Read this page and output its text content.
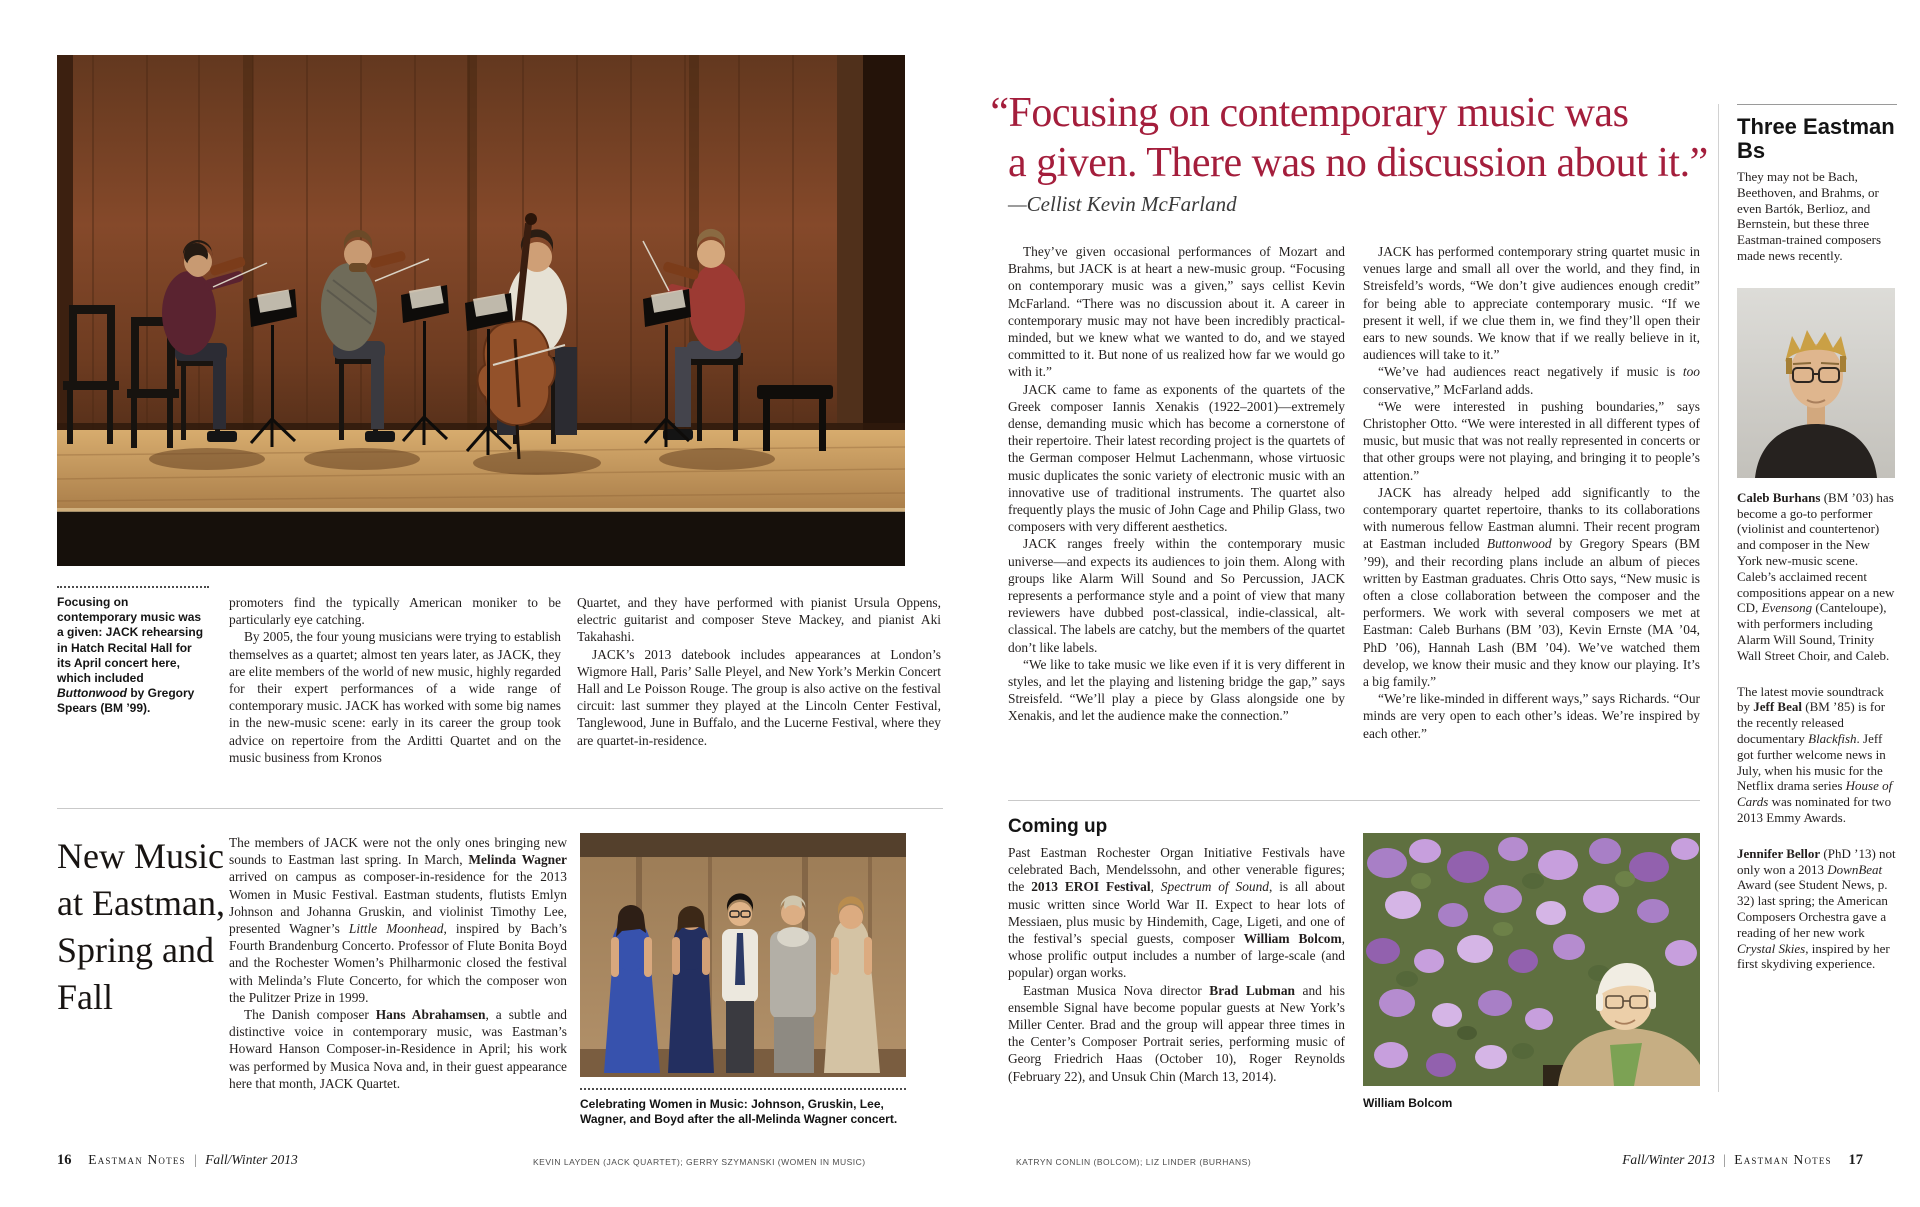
Focusing on contemporary music was a given: JACK rehearsing in Hatch Recital Hall for its April concert here, which included Buttonwood by Gregory Spears (BM ’99).

promoters find the typically American moniker to be particularly eye catching.

By 2005, the four young musicians were trying to establish themselves as a quartet; almost ten years later, as JACK, they are elite members of the world of new music, highly regarded for their expert performances of a wide range of contemporary music. JACK has worked with some big names in the new-music scene: early in its career the group took advice on repertoire from the Arditti Quartet and on the music business from Kronos

Quartet, and they have performed with pianist Ursula Oppens, electric guitarist and composer Steve Mackey, and pianist Aki Takahashi.

JACK’s 2013 datebook includes appearances at London’s Wigmore Hall, Paris’ Salle Pleyel, and New York’s Merkin Concert Hall and Le Poisson Rouge. The group is also active on the festival circuit: last summer they played at the Lincoln Center Festival, Tanglewood, June in Buffalo, and the Lucerne Festival, where they are quartet-in-residence.

New Music at Eastman, Spring and Fall

The members of JACK were not the only ones bringing new sounds to Eastman last spring. In March, Melinda Wagner arrived on campus as composer-in-residence for the 2013 Women in Music Festival. Eastman students, flutists Emlyn Johnson and Johanna Gruskin, and violinist Timothy Lee, presented Wagner’s Little Moonhead, inspired by Bach’s Fourth Brandenburg Concerto. Professor of Flute Bonita Boyd and the Rochester Women’s Philharmonic closed the festival with Melinda’s Flute Concerto, for which the composer won the Pulitzer Prize in 1999.

The Danish composer Hans Abrahamsen, a subtle and distinctive voice in contemporary music, was Eastman’s Howard Hanson Composer-in-Residence in April; his work was performed by Musica Nova and, in their guest appearance here that month, JACK Quartet.

Celebrating Women in Music: Johnson, Gruskin, Lee, Wagner, and Boyd after the all-Melinda Wagner concert.
“Focusing on contemporary music was
a given. There was no discussion about it.”
—Cellist Kevin McFarland

They’ve given occasional performances of Mozart and Brahms, but JACK is at heart a new-music group. “Focusing on contemporary music was a given,” says cellist Kevin McFarland. “There was no discussion about it. A career in contemporary music may not have been incredibly practical-minded, but we knew what we wanted to do, and we stayed committed to it. But none of us realized how far we would go with it.”

JACK came to fame as exponents of the quartets of the Greek composer Iannis Xenakis (1922–2001)—extremely dense, demanding music which has become a cornerstone of their repertoire. Their latest recording project is the quartets of the German composer Helmut Lachenmann, whose virtuosic music duplicates the sonic variety of electronic music with an innovative use of traditional instruments. The quartet also frequently plays the music of John Cage and Philip Glass, two composers with very different aesthetics.

JACK ranges freely within the contemporary music universe—and expects its audiences to join them. Along with groups like Alarm Will Sound and So Percussion, JACK represents a performance style and a point of view that many reviewers have dubbed post-classical, indie-classical, alt-classical. The labels are catchy, but the members of the quartet don’t like labels.

“We like to take music we like even if it is very different in styles, and let the playing and listening bridge the gap,” says Streisfeld. “We’ll play a piece by Glass alongside one by Xenakis, and let the audience make the connection.”

JACK has performed contemporary string quartet music in venues large and small all over the world, and they find, in Streisfeld’s words, “We don’t give audiences enough credit” for being able to appreciate contemporary music. “If we present it well, if we clue them in, we find they’ll open their ears to new sounds. We know that if we really believe in it, audiences will take to it.”

“We’ve had audiences react negatively if music is too conservative,” McFarland adds.

“We were interested in pushing boundaries,” says Christopher Otto. “We were interested in all different types of music, but music that was not really represented in concerts or that other groups were not playing, and bringing it to people’s attention.”

JACK has already helped add significantly to the contemporary quartet repertoire, thanks to its collaborations with numerous fellow Eastman alumni. Their recent program at Eastman included Buttonwood by Gregory Spears (BM ’99), and their recording plans include an album of pieces written by Eastman graduates. Chris Otto says, “New music is often a close collaboration between the composer and the performers. We work with several composers we met at Eastman: Caleb Burhans (BM ’03), Kevin Ernste (MA ’04, PhD ’06), Hannah Lash (BM ’04). We’ve watched them develop, we know their music and they know our playing. It’s a big family.”

“We’re like-minded in different ways,” says Richards. “Our minds are very open to each other’s ideas. We’re inspired by each other.”

Coming up

Past Eastman Rochester Organ Initiative Festivals have celebrated Bach, Mendelssohn, and other venerable figures; the 2013 EROI Festival, Spectrum of Sound, is all about music written since World War II. Expect to hear lots of Messiaen, plus music by Hindemith, Cage, Ligeti, and one of the festival’s special guests, composer William Bolcom, whose prolific output includes a number of large-scale (and popular) organ works.

Eastman Musica Nova director Brad Lubman and his ensemble Signal have become popular guests at New York’s Miller Center. Brad and the group will appear three times in the Center’s Composer Portrait series, performing music of Georg Friedrich Haas (October 10), Roger Reynolds (February 22), and Unsuk Chin (March 13, 2014).

William Bolcom
Three Eastman Bs

They may not be Bach, Beethoven, and Brahms, or even Bartók, Berlioz, and Bernstein, but these three Eastman-trained composers made news recently.

Caleb Burhans (BM ’03) has become a go-to performer (violinist and countertenor) and composer in the New York new-music scene. Caleb’s acclaimed recent compositions appear on a new CD, Evensong (Canteloupe), with performers including Alarm Will Sound, Trinity Wall Street Choir, and Caleb.

The latest movie soundtrack by Jeff Beal (BM ’85) is for the recently released documentary Blackfish. Jeff got further welcome news in July, when his music for the Netflix drama series House of Cards was nominated for two 2013 Emmy Awards.

Jennifer Bellor (PhD ’13) not only won a 2013 DownBeat Award (see Student News, p. 32) last spring; the American Composers Orchestra gave a reading of her new work Crystal Skies, inspired by her first skydiving experience.

16 Eastman Notes | Fall/Winter 2013	KEVIN LAYDEN (JACK QUARTET); GERRY SZYMANSKI (WOMEN IN MUSIC)	KATRYN CONLIN (BOLCOM); LIZ LINDER (BURHANS)	Fall/Winter 2013 | Eastman Notes 17
